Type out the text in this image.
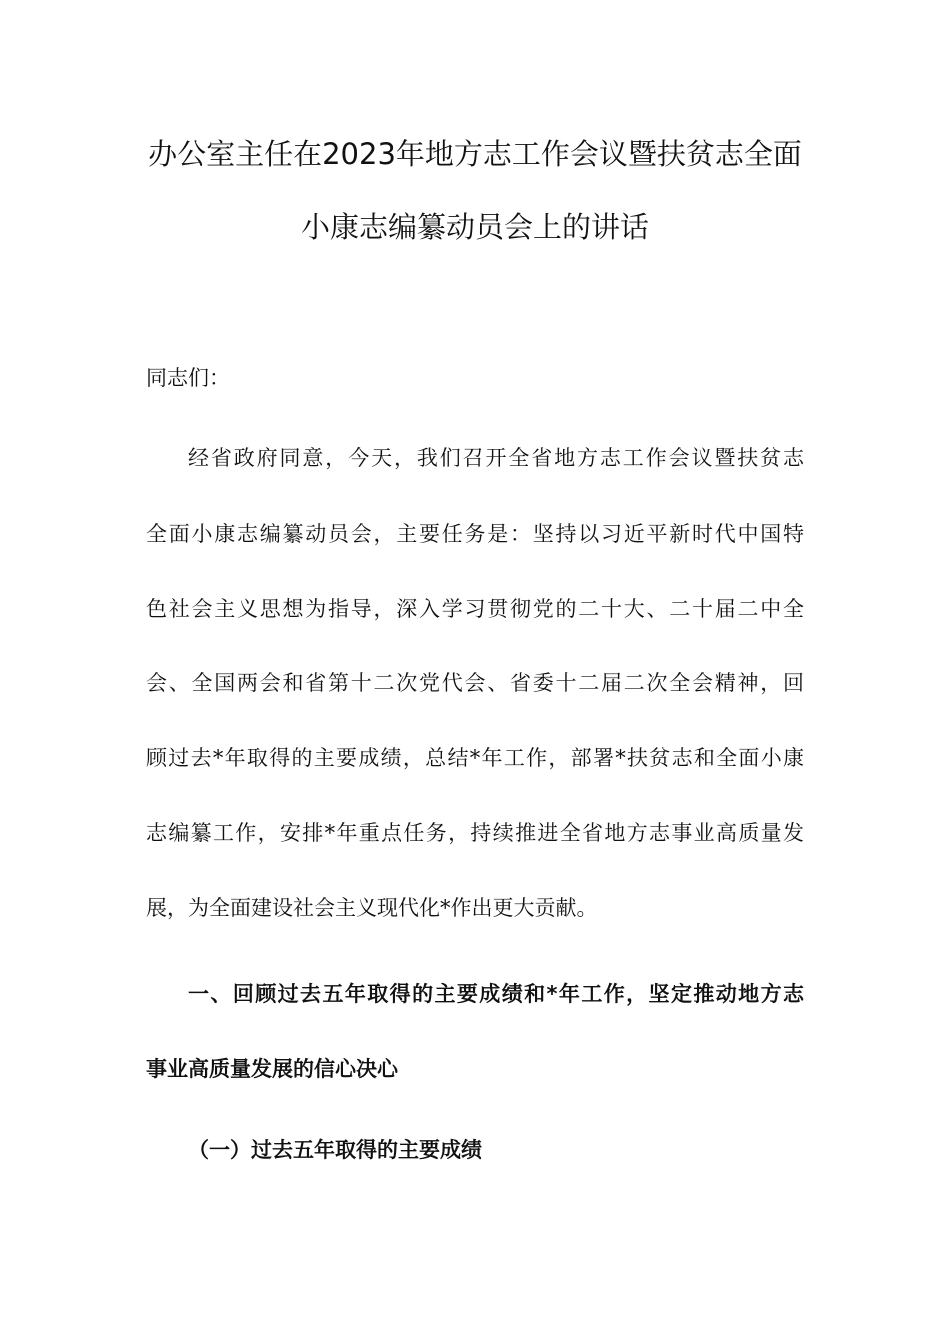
办公室主任在2023年地方志工作会议暨扶贫志全面
小康志编纂动员会上的讲话
同志们：
经省政府同意，今天，我们召开全省地方志工作会议暨扶贫志
全面小康志编纂动员会，主要任务是：坚持以习近平新时代中国特
色社会主义思想为指导，深入学习贯彻党的二十大、二十届二中全
会、全国两会和省第十二次党代会、省委十二届二次全会精神，回
顾过去*年取得的主要成绩，总结*年工作，部署*扶贫志和全面小康
志编纂工作，安排*年重点任务，持续推进全省地方志事业高质量发
展，为全面建设社会主义现代化*作出更大贡献。
一、回顾过去五年取得的主要成绩和*年工作，坚定推动地方志
事业高质量发展的信心决心
（一）过去五年取得的主要成绩
